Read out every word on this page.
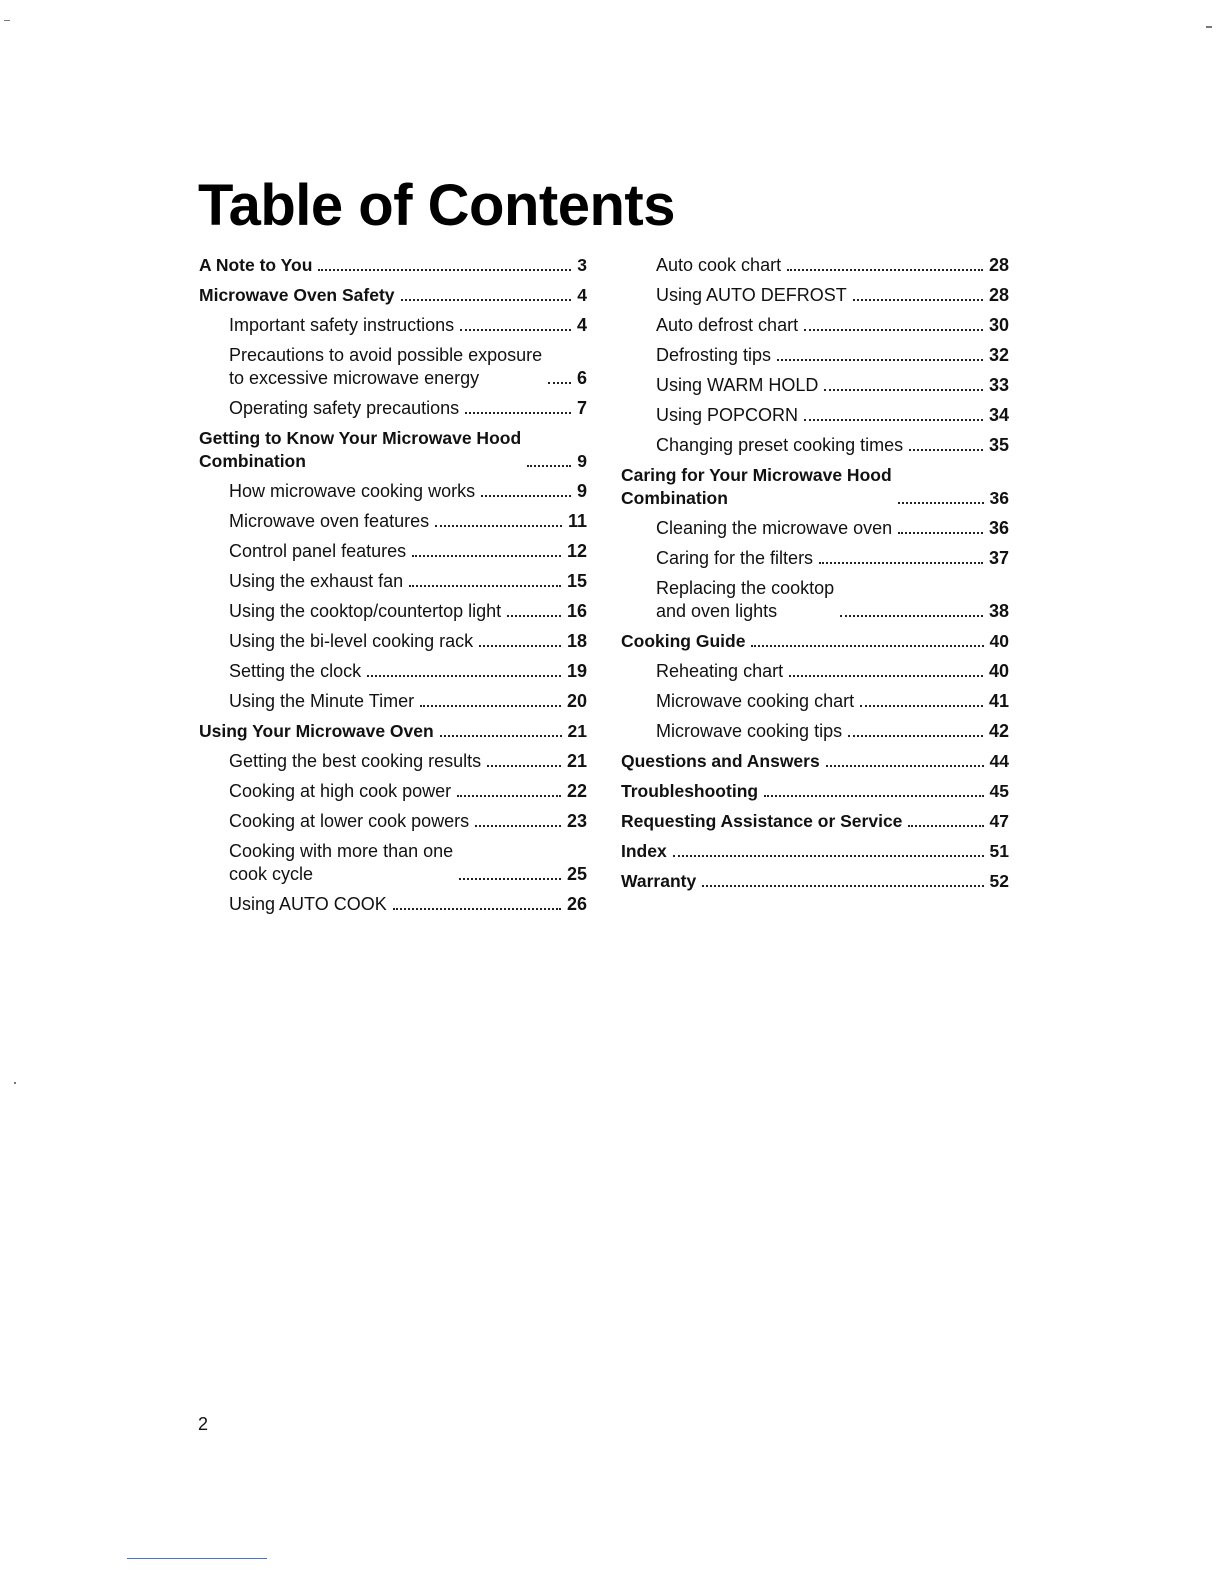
Table of Contents
A Note to You	3
Microwave Oven Safety	4
Important safety instructions	4
Precautions to avoid possible exposure
to excessive microwave energy	6
Operating safety precautions	7
Getting to Know Your Microwave Hood
Combination	9
How microwave cooking works	9
Microwave oven features	11
Control panel features	12
Using the exhaust fan	15
Using the cooktop/countertop light	16
Using the bi-level cooking rack	18
Setting the clock	19
Using the Minute Timer	20
Using Your Microwave Oven	21
Getting the best cooking results	21
Cooking at high cook power	22
Cooking at lower cook powers	23
Cooking with more than one
cook cycle	25
Using AUTO COOK	26
Auto cook chart	28
Using AUTO DEFROST	28
Auto defrost chart	30
Defrosting tips	32
Using WARM HOLD	33
Using POPCORN	34
Changing preset cooking times	35
Caring for Your Microwave Hood
Combination	36
Cleaning the microwave oven	36
Caring for the filters	37
Replacing the cooktop
and oven lights	38
Cooking Guide	40
Reheating chart	40
Microwave cooking chart	41
Microwave cooking tips	42
Questions and Answers	44
Troubleshooting	45
Requesting Assistance or Service	47
Index	51
Warranty	52
2
